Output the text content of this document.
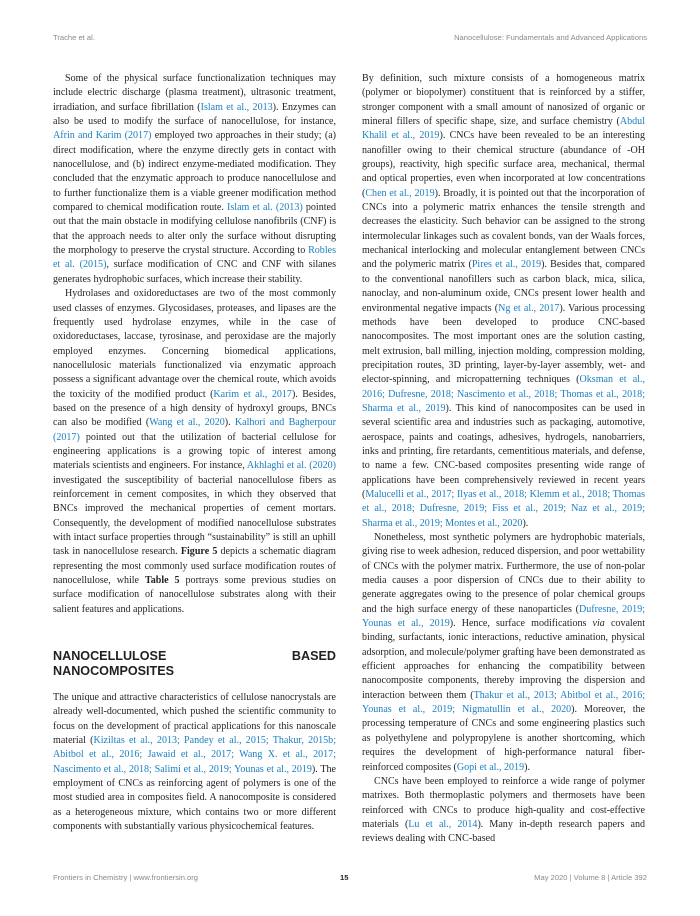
Trache et al.	Nanocellulose: Fundamentals and Advanced Applications

Some of the physical surface functionalization techniques may include electric discharge (plasma treatment), ultrasonic treatment, irradiation, and surface fibrillation (Islam et al., 2013). Enzymes can also be used to modify the surface of nanocellulose, for instance, Afrin and Karim (2017) employed two approaches in their study; (a) direct modification, where the enzyme directly gets in contact with nanocellulose, and (b) indirect enzyme-mediated modification. They concluded that the enzymatic approach to produce nanocellulose and to further functionalize them is a viable greener modification method compared to chemical modification route. Islam et al. (2013) pointed out that the main obstacle in modifying cellulose nanofibrils (CNF) is that the approach needs to alter only the surface without disrupting the morphology to preserve the crystal structure. According to Robles et al. (2015), surface modification of CNC and CNF with silanes generates hydrophobic surfaces, which increase their stability.

Hydrolases and oxidoreductases are two of the most commonly used classes of enzymes. Glycosidases, proteases, and lipases are the frequently used hydrolase enzymes, while in the case of oxidoreductases, laccase, tyrosinase, and peroxidase are the majorly employed enzymes. Concerning biomedical applications, nanocellulosic materials functionalized via enzymatic approach possess a significant advantage over the chemical route, which avoids the toxicity of the modified product (Karim et al., 2017). Besides, based on the presence of a high density of hydroxyl groups, BNCs can also be modified (Wang et al., 2020). Kalhori and Bagherpour (2017) pointed out that the utilization of bacterial cellulose for engineering applications is a growing topic of interest among materials scientists and engineers. For instance, Akhlaghi et al. (2020) investigated the susceptibility of bacterial nanocellulose fibers as reinforcement in cement composites, in which they observed that BNCs improved the mechanical properties of cement mortars. Consequently, the development of modified nanocellulose substrates with intact surface properties through “sustainability” is still an uphill task in nanocellulose research. Figure 5 depicts a schematic diagram representing the most commonly used surface modification routes of nanocellulose, while Table 5 portrays some previous studies on surface modification of nanocellulose substrates along with their salient features and applications.

NANOCELLULOSE BASED NANOCOMPOSITES

The unique and attractive characteristics of cellulose nanocrystals are already well-documented, which pushed the scientific community to focus on the development of practical applications for this nanoscale material (Kiziltas et al., 2013; Pandey et al., 2015; Thakur, 2015b; Abitbol et al., 2016; Jawaid et al., 2017; Wang X. et al., 2017; Nascimento et al., 2018; Salimi et al., 2019; Younas et al., 2019). The employment of CNCs as reinforcing agent of polymers is one of the most studied area in composites field. A nanocomposite is considered as a heterogeneous mixture, which contains two or more different components with substantially various physicochemical features.

By definition, such mixture consists of a homogeneous matrix (polymer or biopolymer) constituent that is reinforced by a stiffer, stronger component with a small amount of nanosized of organic or mineral fillers of specific shape, size, and surface chemistry (Abdul Khalil et al., 2019). CNCs have been revealed to be an interesting nanofiller owing to their chemical structure (abundance of -OH groups), reactivity, high specific surface area, mechanical, thermal and optical properties, even when incorporated at low concentrations (Chen et al., 2019). Broadly, it is pointed out that the incorporation of CNCs into a polymeric matrix enhances the tensile strength and decreases the elasticity. Such behavior can be assigned to the strong intermolecular linkages such as covalent bonds, van der Waals forces, mechanical interlocking and molecular entanglement between CNCs and the polymeric matrix (Pires et al., 2019). Besides that, compared to the conventional nanofillers such as carbon black, mica, silica, nanoclay, and non-aluminum oxide, CNCs present lower health and environmental negative impacts (Ng et al., 2017). Various processing methods have been developed to produce CNC-based nanocomposites. The most important ones are the solution casting, melt extrusion, ball milling, injection molding, compression molding, precipitation routes, 3D printing, layer-by-layer assembly, wet- and elector-spinning, and micropatterning techniques (Oksman et al., 2016; Dufresne, 2018; Nascimento et al., 2018; Thomas et al., 2018; Sharma et al., 2019). This kind of nanocomposites can be used in several scientific area and industries such as packaging, automotive, aerospace, paints and coatings, adhesives, hydrogels, nanobarriers, inks and printing, fire retardants, cementitious materials, and defense, to name a few. CNC-based composites presenting wide range of applications have been comprehensively reviewed in recent years (Malucelli et al., 2017; Ilyas et al., 2018; Klemm et al., 2018; Thomas et al., 2018; Dufresne, 2019; Fiss et al., 2019; Naz et al., 2019; Sharma et al., 2019; Montes et al., 2020).

Nonetheless, most synthetic polymers are hydrophobic materials, giving rise to week adhesion, reduced dispersion, and poor wettability of CNCs with the polymer matrix. Furthermore, the use of non-polar media causes a poor dispersion of CNCs due to their ability to generate aggregates owing to the presence of polar chemical groups and the high surface energy of these nanoparticles (Dufresne, 2019; Younas et al., 2019). Hence, surface modifications via covalent binding, surfactants, ionic interactions, reductive amination, physical adsorption, and molecule/polymer grafting have been demonstrated as efficient approaches for enhancing the compatibility between nanocomposite components, thereby improving the dispersion and interaction between them (Thakur et al., 2013; Abitbol et al., 2016; Younas et al., 2019; Nigmatullin et al., 2020). Moreover, the processing temperature of CNCs and some engineering plastics such as polyethylene and polypropylene is another shortcoming, which requires the development of high-performance natural fiber-reinforced composites (Gopi et al., 2019).

CNCs have been employed to reinforce a wide range of polymer matrixes. Both thermoplastic polymers and thermosets have been reinforced with CNCs to produce high-quality and cost-effective materials (Lu et al., 2014). Many in-depth research papers and reviews dealing with CNC-based

Frontiers in Chemistry | www.frontiersin.org	15	May 2020 | Volume 8 | Article 392
